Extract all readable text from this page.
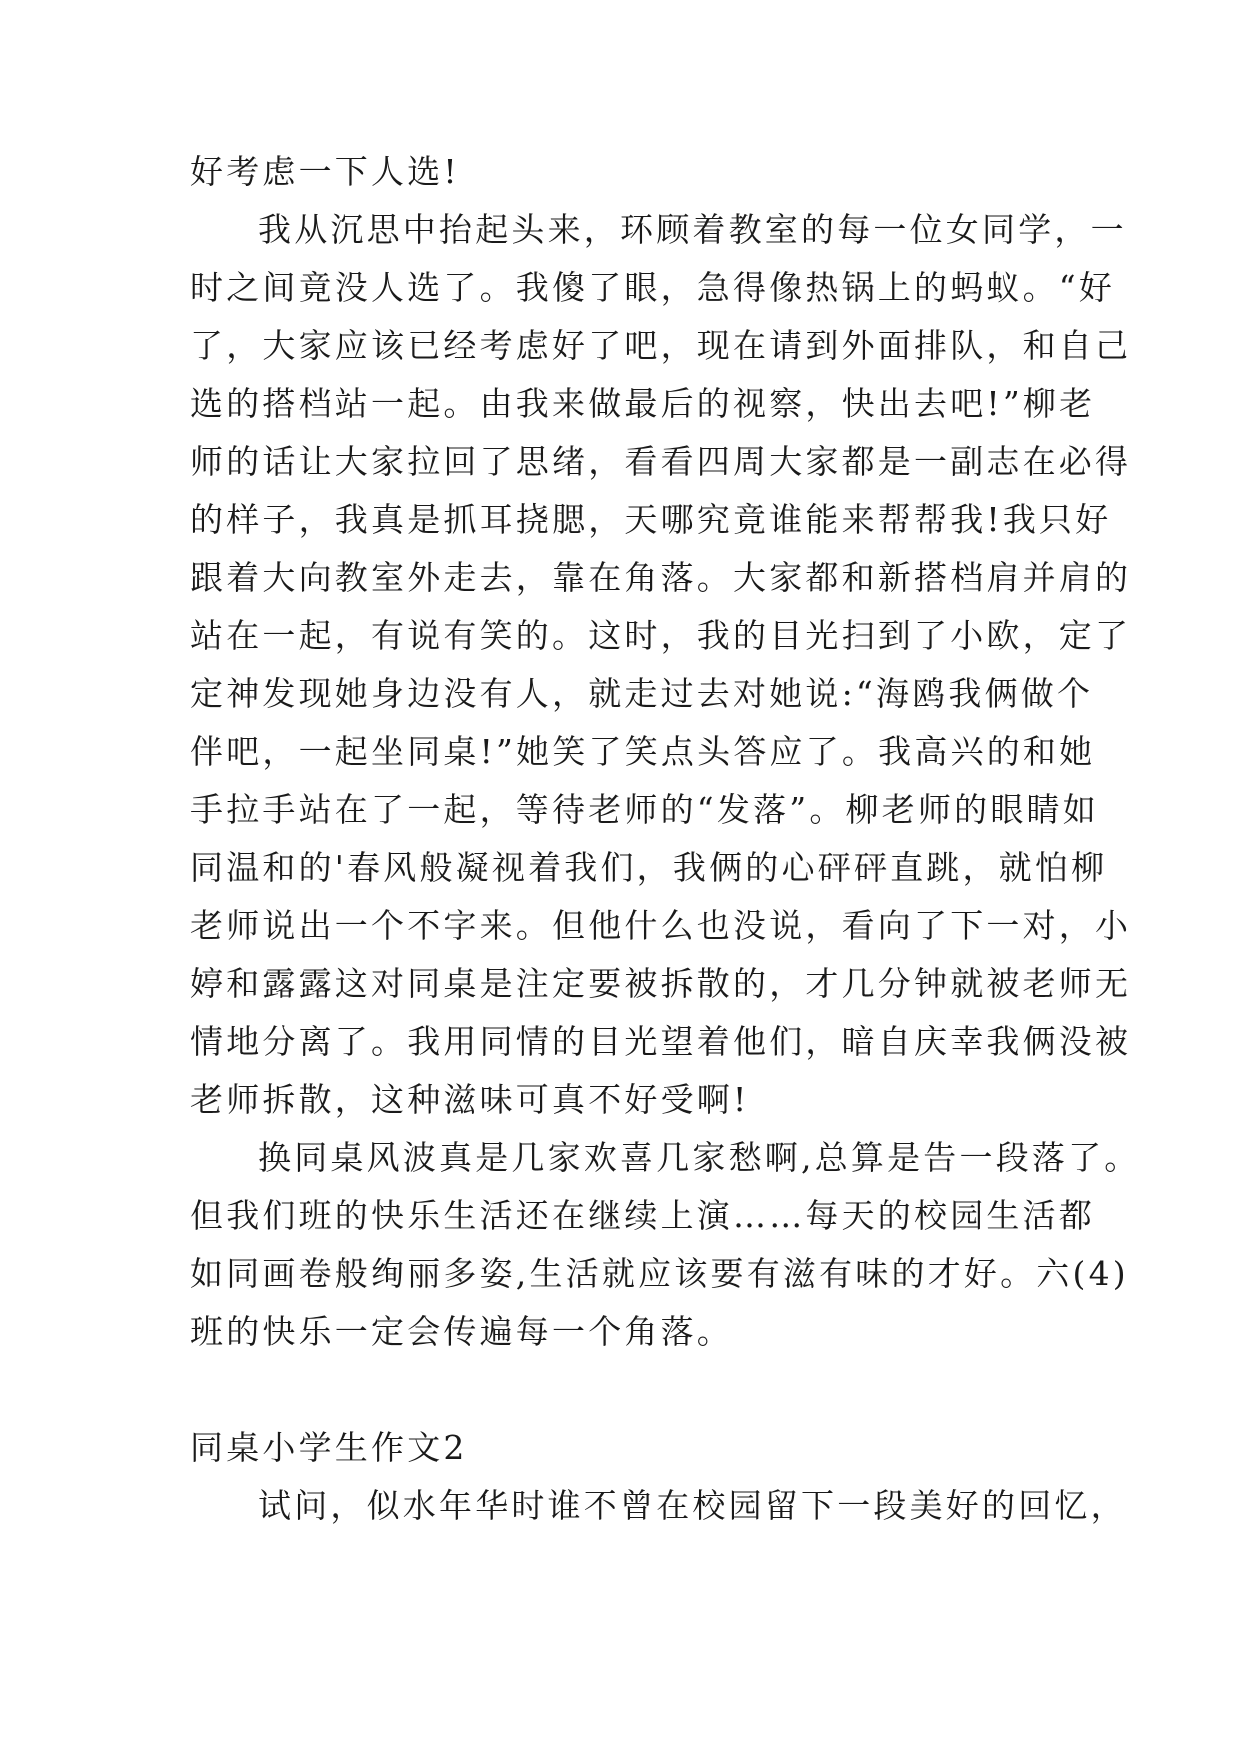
好考虑一下人选!
我从沉思中抬起头来，环顾着教室的每一位女同学，一
时之间竟没人选了。我傻了眼，急得像热锅上的蚂蚁。“好
了，大家应该已经考虑好了吧，现在请到外面排队，和自己
选的搭档站一起。由我来做最后的视察，快出去吧!”柳老
师的话让大家拉回了思绪，看看四周大家都是一副志在必得
的样子，我真是抓耳挠腮，天哪究竟谁能来帮帮我!我只好
跟着大向教室外走去，靠在角落。大家都和新搭档肩并肩的
站在一起，有说有笑的。这时，我的目光扫到了小欧，定了
定神发现她身边没有人，就走过去对她说:“海鸥我俩做个
伴吧，一起坐同桌!”她笑了笑点头答应了。我高兴的和她
手拉手站在了一起，等待老师的“发落”。柳老师的眼睛如
同温和的'春风般凝视着我们，我俩的心砰砰直跳，就怕柳
老师说出一个不字来。但他什么也没说，看向了下一对，小
婷和露露这对同桌是注定要被拆散的，才几分钟就被老师无
情地分离了。我用同情的目光望着他们，暗自庆幸我俩没被
老师拆散，这种滋味可真不好受啊!
换同桌风波真是几家欢喜几家愁啊,总算是告一段落了。
但我们班的快乐生活还在继续上演……每天的校园生活都
如同画卷般绚丽多姿,生活就应该要有滋有味的才好。六(4)
班的快乐一定会传遍每一个角落。
同桌小学生作文2
试问，似水年华时谁不曾在校园留下一段美好的回忆，
